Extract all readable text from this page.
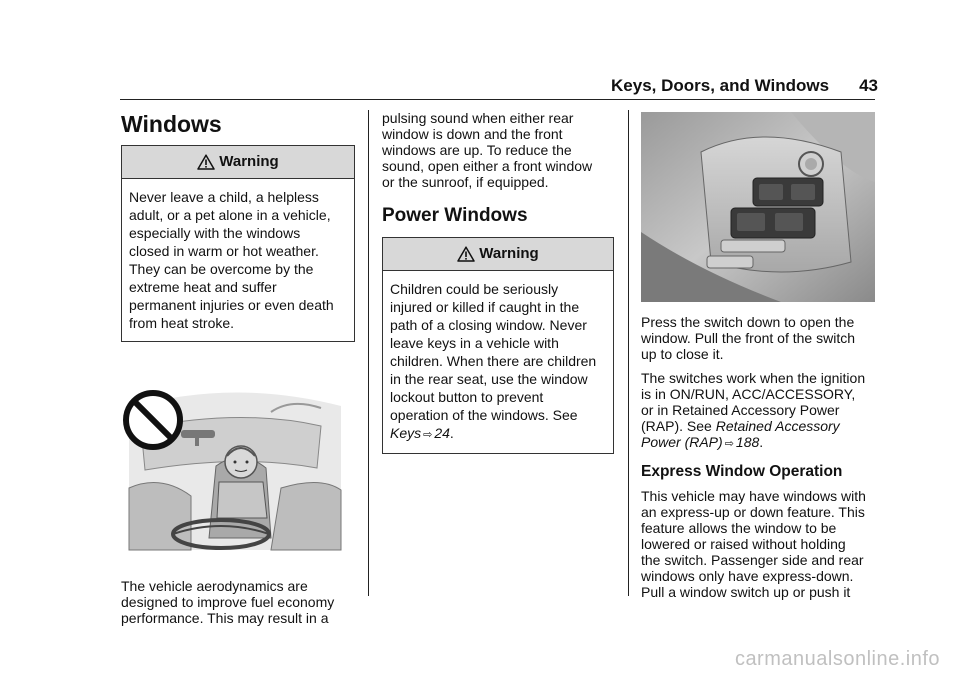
Keys, Doors, and Windows 43
Windows
Warning
Never leave a child, a helpless
adult, or a pet alone in a vehicle,
especially with the windows
closed in warm or hot weather.
They can be overcome by the
extreme heat and suffer
permanent injuries or even death
from heat stroke.
The vehicle aerodynamics are
designed to improve fuel economy
performance. This may result in a
pulsing sound when either rear
window is down and the front
windows are up. To reduce the
sound, open either a front window
or the sunroof, if equipped.
Power Windows
Warning
Children could be seriously
injured or killed if caught in the
path of a closing window. Never
leave keys in a vehicle with
children. When there are children
in the rear seat, use the window
lockout button to prevent
operation of the windows. See
Keys ⇨ 24.
Press the switch down to open the
window. Pull the front of the switch
up to close it.
The switches work when the ignition
is in ON/RUN, ACC/ACCESSORY,
or in Retained Accessory Power
(RAP). See Retained Accessory
Power (RAP) ⇨ 188.
Express Window Operation
This vehicle may have windows with
an express-up or down feature. This
feature allows the window to be
lowered or raised without holding
the switch. Passenger side and rear
windows only have express-down.
Pull a window switch up or push it
carmanualsonline.info
